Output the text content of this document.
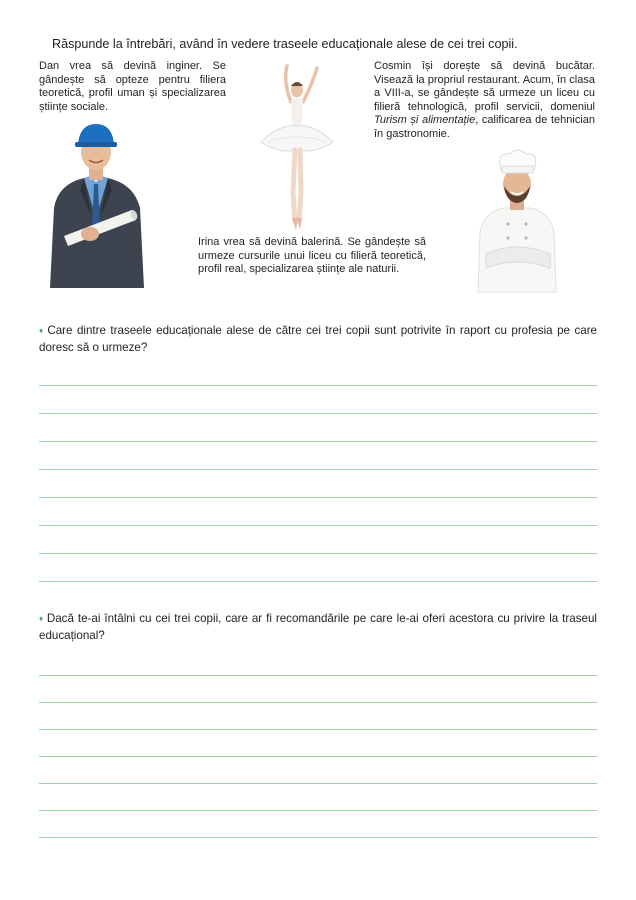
Răspunde la întrebări, având în vedere traseele educaționale alese de cei trei copii.
Dan vrea să devină inginer. Se gândește să opteze pentru filiera teoretică, profil uman și specializarea științe sociale.
Cosmin își dorește să devină bucătar. Visează la propriul restaurant. Acum, în clasa a VIII-a, se gândește să urmeze un liceu cu filieră tehnologică, profil servicii, domeniul Turism și alimentație, calificarea de tehnician în gastronomie.
Irina vrea să devină balerină. Se gândește să urmeze cursurile unui liceu cu filieră teoretică, profil real, specializarea științe ale naturii.
♦ Care dintre traseele educaționale alese de către cei trei copii sunt potrivite în raport cu profesia pe care doresc să o urmeze?
♦ Dacă te-ai întâlni cu cei trei copii, care ar fi recomandările pe care le-ai oferi acestora cu privire la traseul educațional?
